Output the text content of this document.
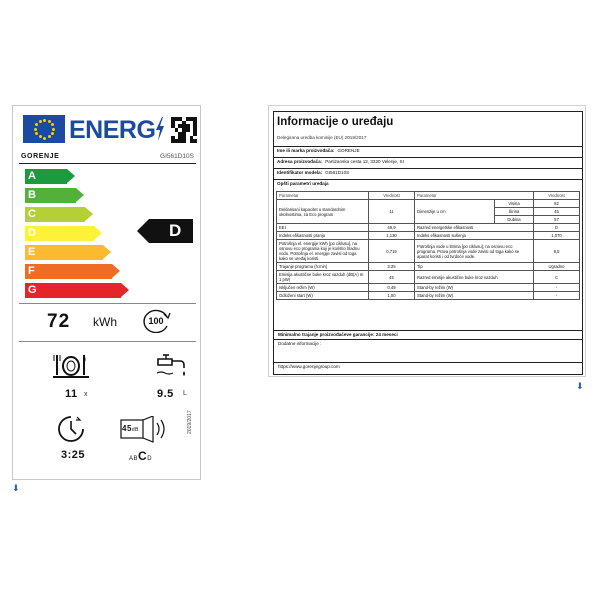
ENERG
GORENJE	GI561D10S
A
B
C
D
E
F
G
D
72 kWh	100
11 x	9.5 L
3:25
45dB
ABCD
2019/2017
⬇
Informacije o uređaju
Delegirana uredba komisije (EU) 2019/2017
Ime ili marka proizvođača: GORENJE
Adresa proizvođača: Partizanska cesta 12, 3320 Velenje, SI
Identifikator modela: GI561D10S
Opšti parametri uređaja
Parametar	Vrednost	Parametar		Vrednost
Deklarisani kapacitet u standardnim okolnostima, za Eco program	11	Dimenzije u cm	Visina	82
			Širina	45
			Dubina	57
EEI	49,9	Razred energetske efikasnosti		D
Indeks efikasnosti pranja	1,130	Indeks efikasnosti sušenja		1,070
Potrošnja el. energije kWh [po ciklusu], na osnovu eco programa koji je koristio hladnu vodu. Potrošnja el. energije zavisi od toga kako se uređaj koristi.	0,719	Potrošnja vode u litrima [po ciklusu], na osnovu eco programa. Prava potrošnja vode zavisi od toga kako se aparat koristi i od tvrdoće vode.		9,5
Trajanje programa (h:min)	3:25	Tip		Ugradno
Emisija akustične buke kroz vazduh (dB(A) re 1 pW)	45	Razred emisije akustične buke kroz vazduh		C
Isključen režim (W)	0,49	Stand-by režim (W)		-
Odloženi start (W)	1,00	Stand-by režim (W)		-
Minimalno trajanje proizvođačeve garancije: 24 meseci
Dodatne informacije :
https://www.gorenjegroup.com
⬇
